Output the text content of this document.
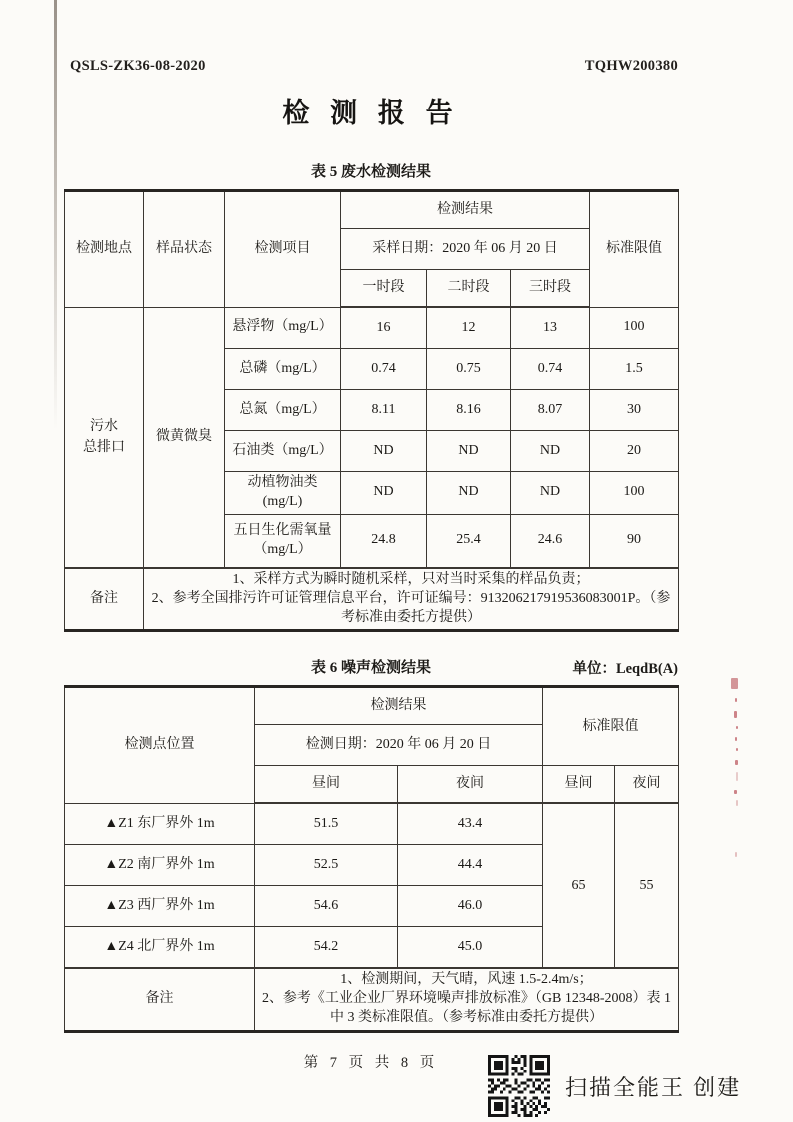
QSLS-ZK36-08-2020	TQHW200380
检 测 报 告
表 5 废水检测结果
检测地点	样品状态	检测项目	检测结果			标准限值
			采样日期：2020 年 06 月 20 日			
			一时段	二时段	三时段	

污水
总排口	微黄微臭	悬浮物（mg/L）	16	12	13	100
		总磷（mg/L）	0.74	0.75	0.74	1.5
		总氮（mg/L）	8.11	8.16	8.07	30
		石油类（mg/L）	ND	ND	ND	20
		动植物油类(mg/L)	ND	ND	ND	100
		五日生化需氧量（mg/L）	24.8	25.4	24.6	90
备注	1、采样方式为瞬时随机采样，只对当时采集的样品负责；
2、参考全国排污许可证管理信息平台，许可证编号：913206217919536083001P。（参考标准由委托方提供）					
表 6 噪声检测结果	单位：LeqdB(A)
检测点位置	检测结果		标准限值	
	检测日期：2020 年 06 月 20 日			
	昼间	夜间	昼间	夜间
▲Z1 东厂界外 1m	51.5	43.4	65	55
▲Z2 南厂界外 1m	52.5	44.4		
▲Z3 西厂界外 1m	54.6	46.0		
▲Z4 北厂界外 1m	54.2	45.0		
备注	1、检测期间，天气晴，风速 1.5-2.4m/s；
2、参考《工业企业厂界环境噪声排放标准》（GB 12348-2008）表 1 中 3 类标准限值。（参考标准由委托方提供）			
第 7 页 共 8 页
扫描全能王 创建
